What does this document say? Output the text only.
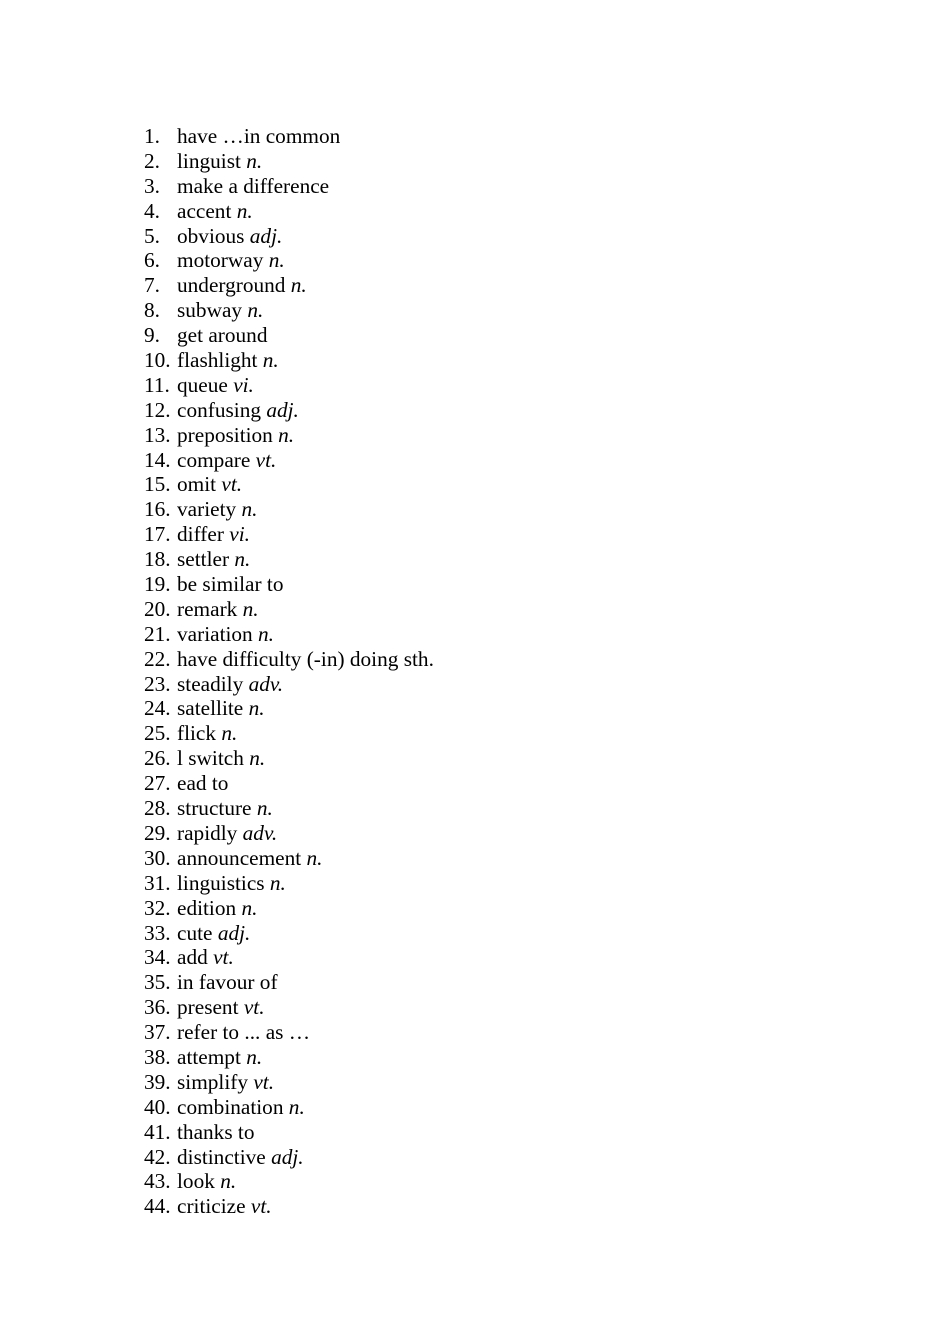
1. have …in common
2. linguist n.
3. make a difference
4. accent n.
5. obvious adj.
6. motorway n.
7. underground n.
8. subway n.
9. get around
10. flashlight n.
11. queue vi.
12. confusing adj.
13. preposition n.
14. compare vt.
15. omit vt.
16. variety n.
17. differ vi.
18. settler n.
19. be similar to
20. remark n.
21. variation n.
22. have difficulty (-in) doing sth.
23. steadily adv.
24. satellite n.
25. flick n.
26. l switch n.
27. ead to
28. structure n.
29. rapidly adv.
30. announcement n.
31. linguistics n.
32. edition n.
33. cute adj.
34. add vt.
35. in favour of
36. present vt.
37. refer to ... as …
38. attempt n.
39. simplify vt.
40. combination n.
41. thanks to
42. distinctive adj.
43. look n.
44. criticize vt.
